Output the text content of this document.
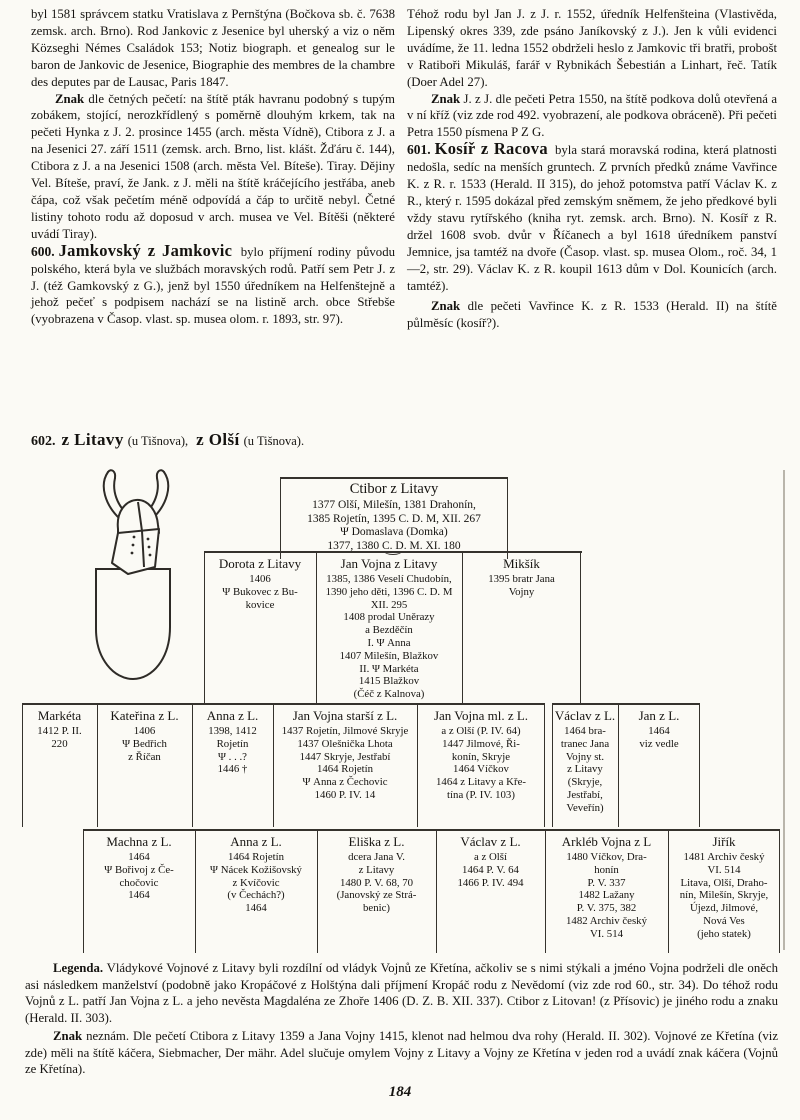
byl 1581 správcem statku Vratislava z Pernštýna (Bočkova sb. č. 7638 zemsk. arch. Brno). Rod Jankovic z Jesenice byl uherský a viz o něm Közseghi Némes Családok 153; Notiz biograph. et genealog sur le baron de Jankovic de Jesenice, Biographie des membres de la chambre des deputes par de Lausac, Paris 1847.

Znak dle četných pečetí: na štítě pták havranu podobný s tupým zobákem, stojící, nerozkřídlený s poměrně dlouhým krkem, tak na pečeti Hynka z J. 2. prosince 1455 (arch. města Vídně), Ctibora z J. a na Jesenici 27. září 1511 (zemsk. arch. Brno, list. klášt. Žďáru č. 144), Ctibora z J. a na Jesenici 1508 (arch. města Vel. Bíteše). Tiray. Dějiny Vel. Bíteše, praví, že Jank. z J. měli na štítě kráčejícího jestřába, aneb čápa, což však pečetím méně odpovídá a čáp to určitě nebyl. Četné listiny tohoto rodu až doposud v arch. musea ve Vel. Bítěši (některé uvádí Tiray).

600. Jamkovský z Jamkovic bylo příjmení rodiny původu polského, která byla ve službách moravských rodů. Patří sem Petr J. z J. (též Gamkovský z G.), jenž byl 1550 úředníkem na Helfenštejně a jehož pečeť s podpisem nachází se na listině arch. obce Střebše (vyobrazena v Časop. vlast. sp. musea olom. r. 1893, str. 97).

Téhož rodu byl Jan J. z J. r. 1552, úředník Helfenšteina (Vlastivěda, Lipenský okres 339, zde psáno Janíkovský z J.). Jen k vůli evidenci uvádíme, že 11. ledna 1552 obdrželi heslo z Jamkovic tři bratři, probošt v Ratiboři Mikuláš, farář v Rybnikách Šebestián a Linhart, řeč. Tatík (Doer Adel 27).

Znak J. z J. dle pečeti Petra 1550, na štítě podkova dolů otevřená a v ní kříž (viz zde rod 492. vyobrazení, ale podkova obráceně). Při pečeti Petra 1550 písmena P Z G.

601. Kosíř z Racova byla stará moravská rodina, která platnosti nedošla, sedíc na menších gruntech. Z prvních předků známe Vavřince K. z R. r. 1533 (Herald. II 315), do jehož potomstva patří Václav K. z R., který r. 1595 dokázal před zemským sněmem, že jeho předkové byli vždy stavu rytířského (kniha ryt. zemsk. arch. Brno). N. Kosíř z R. držel 1608 svob. dvůr v Říčanech a byl 1618 úředníkem panství Jemnice, jsa tamtéž na dvoře (Časop. vlast. sp. musea Olom., roč. 34, 1—2, str. 29). Václav K. z R. koupil 1613 dům v Dol. Kounicích (arch. tamtéž).

Znak dle pečeti Vavřince K. z R. 1533 (Herald. II) na štítě půlměsíc (kosíř?).

602. z Litavy (u Tišnova), z Olší (u Tišnova).
Ctibor z Litavy
1377 Olší, Milešín, 1381 Drahonín,
1385 Rojetín, 1395 C. D. M, XII. 267
Ψ Domaslava (Domka)
1377, 1380 C. D. M. XI. 180
Dorota z Litavy
1406
Ψ Bukovec z Bu-
kovice
Jan Vojna z Litavy
1385, 1386 Veselí Chudobín,
1390 jeho děti, 1396 C. D. M
XII. 295
1408 prodal Uněrazy
a Bezděčín
I. Ψ Anna
1407 Milešín, Blažkov
II. Ψ Markéta
1415 Blažkov
(Čéč z Kalnova)
Mikšík
1395 bratr Jana
Vojny
Markéta
1412 P. II.
220
Kateřina z L.
1406
Ψ Bedřich
z Říčan
Anna z L.
1398, 1412
Rojetín
Ψ . . .?
1446 †
Jan Vojna starší z L.
1437 Rojetín, Jilmové Skryje
1437 Olešnička Lhota
1447 Skryje, Jestřabí
1464 Rojetín
Ψ Anna z Čechovic
1460 P. IV. 14
Jan Vojna ml. z L.
a z Olší (P. IV. 64)
1447 Jilmové, Ři-
konín, Skryje
1464 Víčkov
1464 z Litavy a Kře-
tína (P. IV. 103)
Václav z L.
1464 bra-
tranec Jana
Vojny st.
z Litavy
(Skryje,
Jestřabí,
Veveřín)
Jan z L.
1464
viz vedle
Machna z L.
1464
Ψ Bořivoj z Če-
chočovic
1464
Anna z L.
1464 Rojetín
Ψ Nácek Kožišovský
z Kvíčovic
(v Čechách?)
1464
Eliška z L.
dcera Jana V.
z Litavy
1480 P. V. 68, 70
(Janovský ze Strá-
benic)
Václav z L.
a z Olší
1464 P. V. 64
1466 P. IV. 494
Arkléb Vojna z L
1480 Víčkov, Dra-
honín
P. V. 337
1482 Lažany
P. V. 375, 382
1482 Archiv český
VI. 514
Jiřík
1481 Archiv český
VI. 514
Litava, Olší, Draho-
nín, Milešín, Skryje,
Újezd, Jilmové,
Nová Ves
(jeho statek)

Legenda. Vládykové Vojnové z Litavy byli rozdílní od vládyk Vojnů ze Křetína, ačkoliv se s nimi stýkali a jméno Vojna podrželi dle oněch asi následkem manželství (podobně jako Kropáčové z Holštýna dali příjmení Kropáč rodu z Nevědomí (viz zde rod 60., str. 34). Do téhož rodu Vojnů z L. patří Jan Vojna z L. a jeho nevěsta Magdaléna ze Zhoře 1406 (D. Z. B. XII. 337). Ctibor z Litovan! (z Přísovic) je jiného rodu a znaku (Herald. II. 303).

Znak neznám. Dle pečetí Ctibora z Litavy 1359 a Jana Vojny 1415, klenot nad helmou dva rohy (Herald. II. 302). Vojnové ze Křetína (viz zde) měli na štítě káčera, Siebmacher, Der mähr. Adel slučuje omylem Vojny z Litavy a Vojny ze Křetína v jeden rod a uvádí znak káčera (Vojnů ze Křetína).

184
